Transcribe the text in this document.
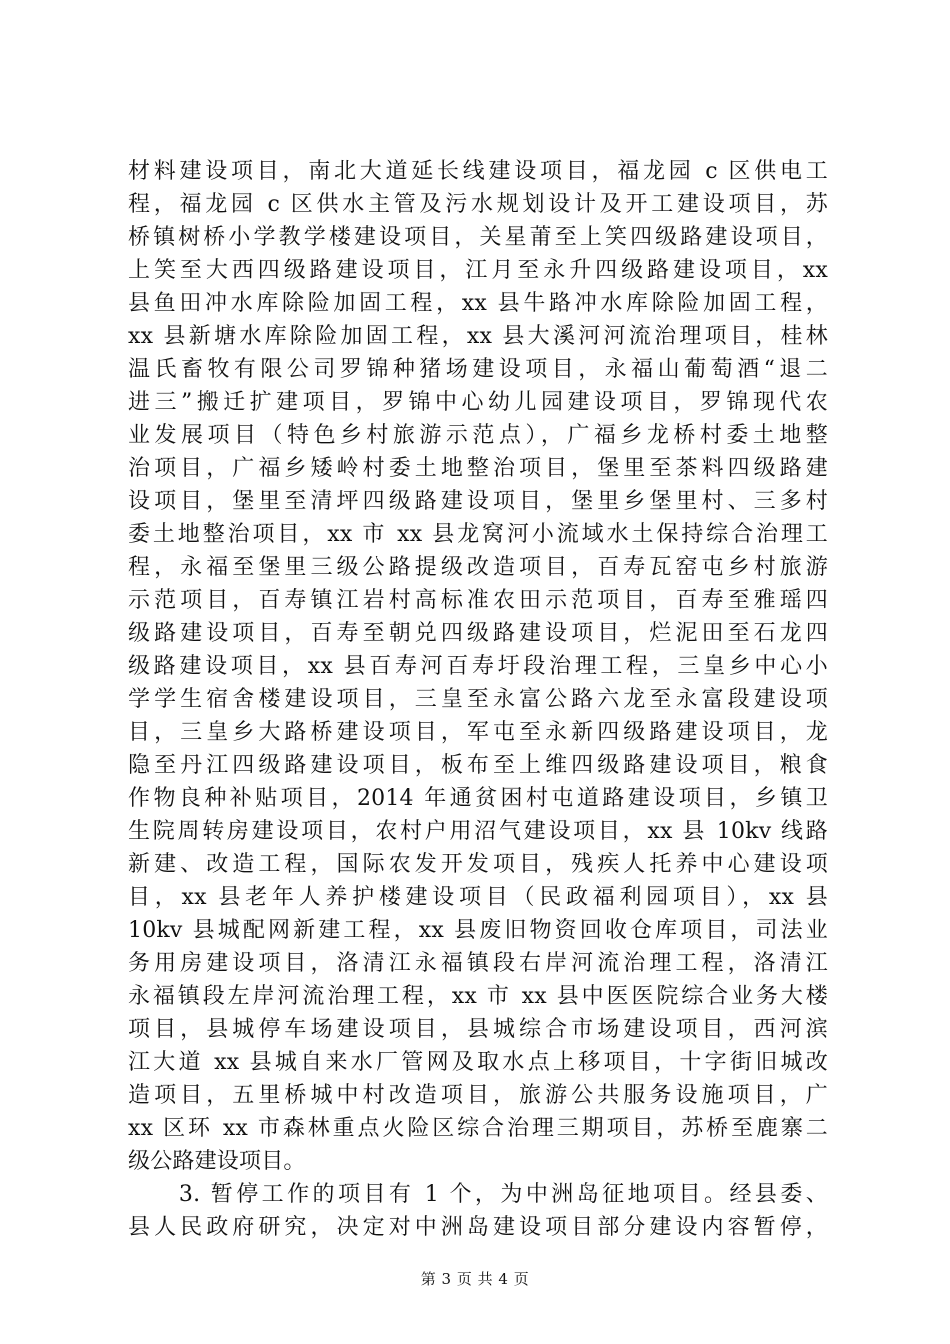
材料建设项目，南北大道延长线建设项目，福龙园 c 区供电工
程，福龙园 c 区供水主管及污水规划设计及开工建设项目，苏
桥镇树桥小学教学楼建设项目，关星莆至上笑四级路建设项目，
上笑至大西四级路建设项目，江月至永升四级路建设项目，xx
县鱼田冲水库除险加固工程，xx 县牛路冲水库除险加固工程，
xx 县新塘水库除险加固工程，xx 县大溪河河流治理项目，桂林
温氏畜牧有限公司罗锦种猪场建设项目，永福山葡萄酒“退二
进三”搬迁扩建项目，罗锦中心幼儿园建设项目，罗锦现代农
业发展项目（特色乡村旅游示范点），广福乡龙桥村委土地整
治项目，广福乡矮岭村委土地整治项目，堡里至茶料四级路建
设项目，堡里至清坪四级路建设项目，堡里乡堡里村、三多村
委土地整治项目，xx 市 xx 县龙窝河小流域水土保持综合治理工
程，永福至堡里三级公路提级改造项目，百寿瓦窑屯乡村旅游
示范项目，百寿镇江岩村高标准农田示范项目，百寿至雅瑶四
级路建设项目，百寿至朝兑四级路建设项目，烂泥田至石龙四
级路建设项目，xx 县百寿河百寿圩段治理工程，三皇乡中心小
学学生宿舍楼建设项目，三皇至永富公路六龙至永富段建设项
目，三皇乡大路桥建设项目，军屯至永新四级路建设项目，龙
隐至丹江四级路建设项目，板布至上维四级路建设项目，粮食
作物良种补贴项目，2014 年通贫困村屯道路建设项目，乡镇卫
生院周转房建设项目，农村户用沼气建设项目，xx 县 10kv 线路
新建、改造工程，国际农发开发项目，残疾人托养中心建设项
目，xx 县老年人养护楼建设项目（民政福利园项目），xx 县
10kv 县城配网新建工程，xx 县废旧物资回收仓库项目，司法业
务用房建设项目，洛清江永福镇段右岸河流治理工程，洛清江
永福镇段左岸河流治理工程，xx 市 xx 县中医医院综合业务大楼
项目，县城停车场建设项目，县城综合市场建设项目，西河滨
江大道 xx 县城自来水厂管网及取水点上移项目，十字街旧城改
造项目，五里桥城中村改造项目，旅游公共服务设施项目，广
xx 区环 xx 市森林重点火险区综合治理三期项目，苏桥至鹿寨二
级公路建设项目。
　　3. 暂停工作的项目有 1 个，为中洲岛征地项目。经县委、
县人民政府研究，决定对中洲岛建设项目部分建设内容暂停，
第 3 页 共 4 页
